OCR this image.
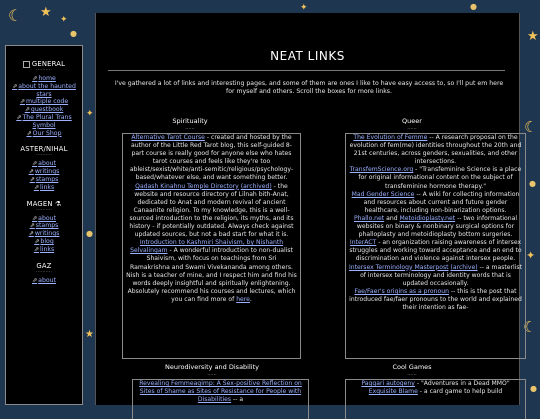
☾ ★
●
✦
★
☾
●
✦
☾
●
✦
●
★
✦	●
GENERAL
··········
⇗home
⇗about the haunted stars
⇗multiple code
⇗guestbook
⇗The Plural Trans Symbol
⇗Our Shop
ASTER/NIHAL
··········
⇗about
⇗writings
⇗stamps
⇗links
MAGEN ⚗
··········
⇗about
⇗stamps
⇗writings
⇗blog
⇗links
GAZ
··········
⇗about
NEAT LINKS

I've gathered a lot of links and interesting pages, and some of them are ones I like to have easy access to, so I'll put em here for myself and others. Scroll the boxes for more links.

Spirituality
······
Alternative Tarot Course - created and hosted by the author of the Little Red Tarot blog, this self-guided 8-part course is really good for anyone else who hates tarot courses and feels like they're too ableist/sexist/white/anti-semitic/religious/psychology-based/whatever else, and want something better.
Qadash Kinahnu Temple Directory (archived) - the website and resource directory of Lilnah bith-Anat, dedicated to Anat and modern revival of ancient Canaanite religion. To my knowledge, this is a well-sourced introduction to the religion, its myths, and its history - if potentially outdated. Always check against updated sources, but not a bad start for what it is.
Introduction to Kashmiri Shaivism, by Nishanth Selvalingam - A wonderful introduction to non-dualist Shaivism, with focus on teachings from Sri Ramakrishna and Swami Vivekananda among others. Nish is a teacher of mine, and I respect him and find his words deeply insightful and spiritually enlightening. Absolutely recommend his courses and lectures, which you can find more of here.
Queer
······
The Evolution of Femme -- A research proposal on the evolution of fem(me) identities throughout the 20th and 21st centuries, across genders, sexualities, and other intersections.
TransfemScience.org - "Transfeminine Science is a place for original informational content on the subject of transfeminine hormone therapy."
Mad Gender Science -- A wiki for collecting information and resources about current and future gender healthcare, including non-binarization options.
Phallo.net and Metoidioplasty.net -- two informational websites on binary & nonbinary surgical options for phalloplasty and metoidioplasty bottom surgeries.
InterACT - an organization raising awareness of intersex struggles and working toward acceptance and an end to discrimination and violence against intersex people.
Intersex Terminology Masterpost (archive) -- a masterlist of intersex terminology and identity words that is updated occasionally.
Fae/Faer's origins as a pronoun -- this is the post that introduced fae/faer pronouns to the world and explained their intention as fae-
Neurodiversity and Disability
······
Revealing Femmeagimp: A Sex-positive Reflection on Sites of Shame as Sites of Resistance for People with Disabilities -- a
Cool Games
······
Paggari autogeny - "Adventures in a Dead MMO"
Exquisite Blame - a card game to help build
